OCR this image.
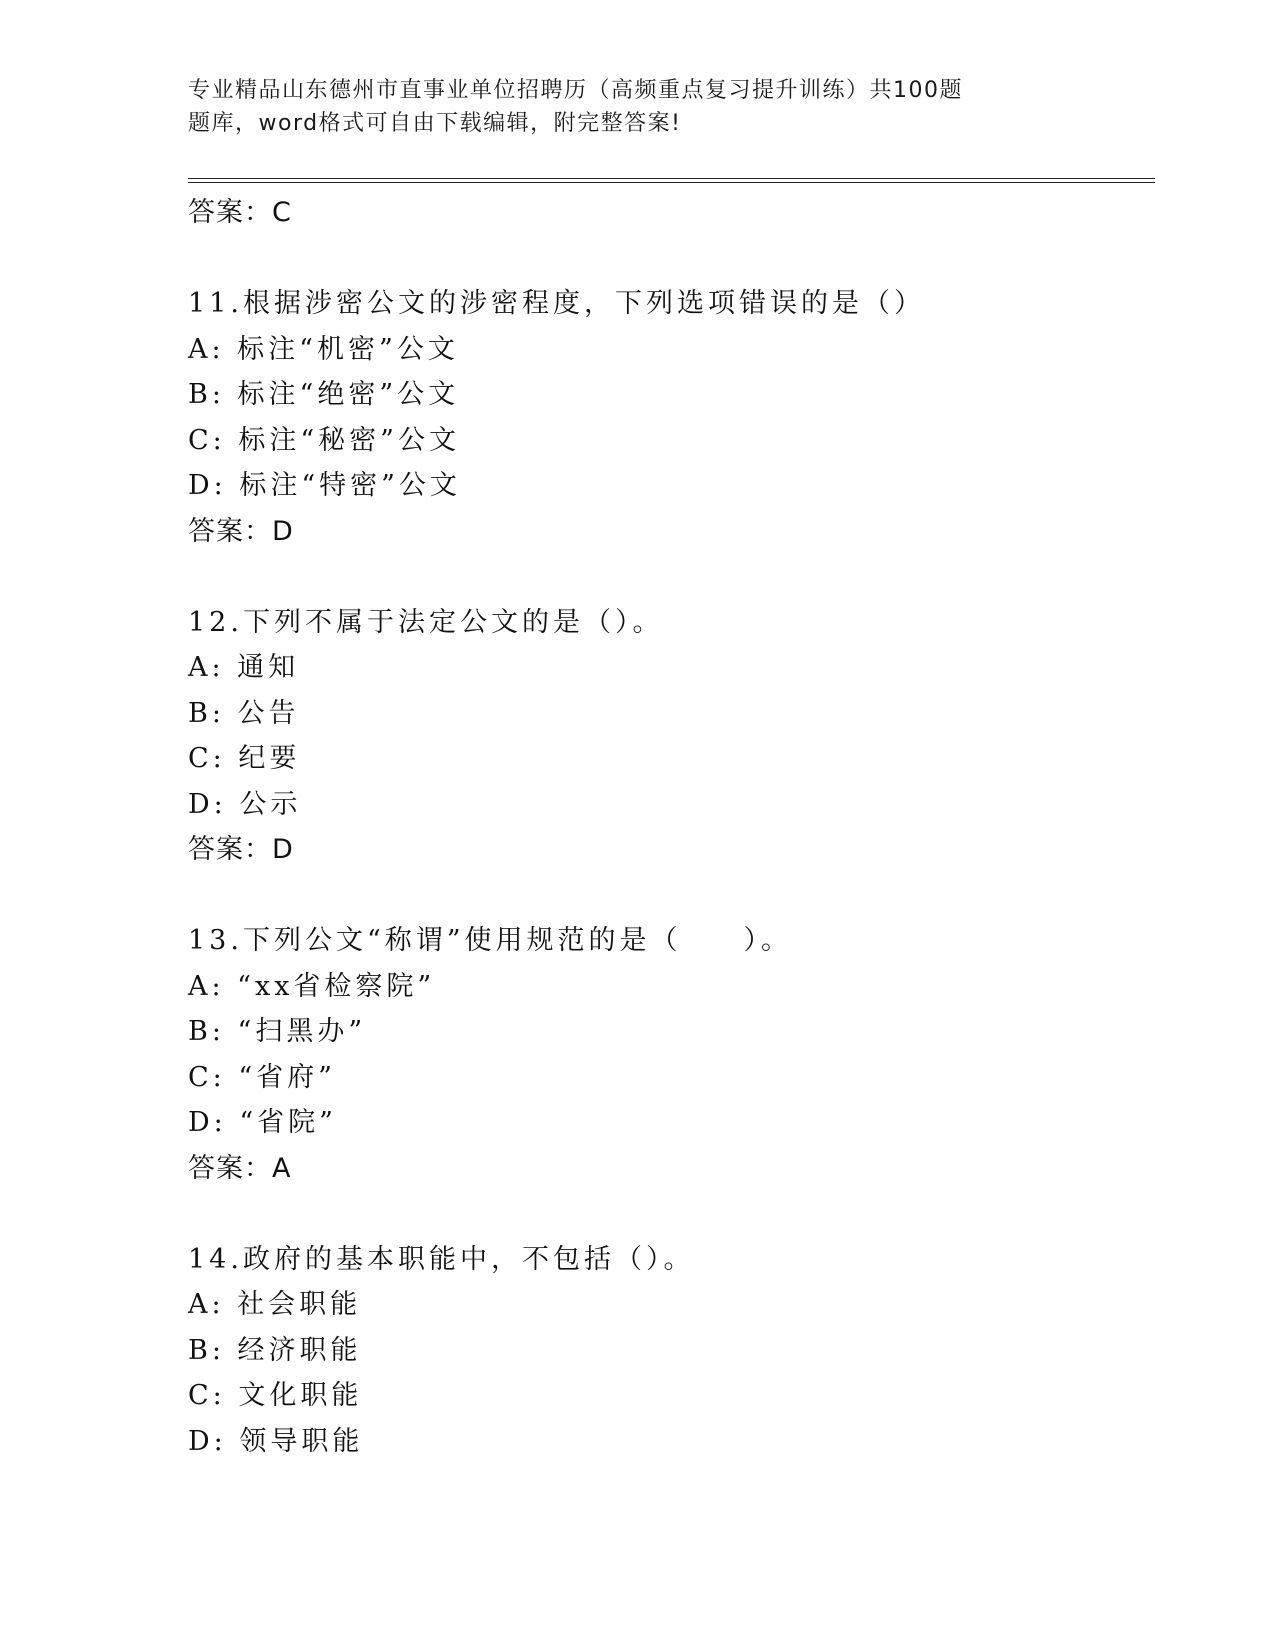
专业精品山东德州市直事业单位招聘历（高频重点复习提升训练）共100题
题库，word格式可自由下载编辑，附完整答案!

答案：C

11.根据涉密公文的涉密程度，下列选项错误的是（）

A: 标注“机密”公文

B: 标注“绝密”公文

C: 标注“秘密”公文

D: 标注“特密”公文

答案：D

12.下列不属于法定公文的是（）。

A: 通知

B: 公告

C: 纪要

D: 公示

答案：D

13.下列公文“称谓”使用规范的是（　　）。

A: “xx省检察院”

B: “扫黑办”

C: “省府”

D: “省院”

答案：A

14.政府的基本职能中，不包括（）。

A: 社会职能

B: 经济职能

C: 文化职能

D: 领导职能
